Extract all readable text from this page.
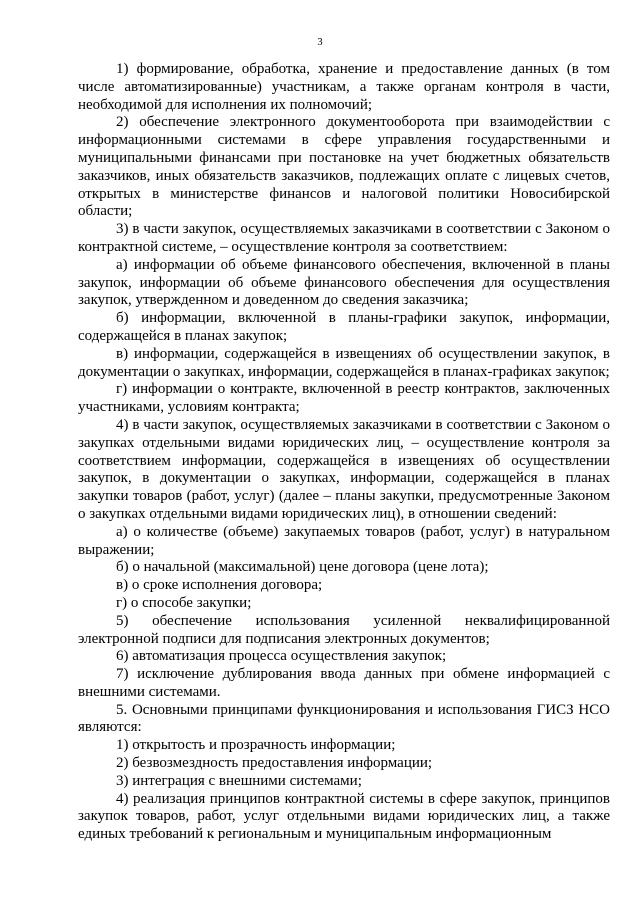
3

1) формирование, обработка, хранение и предоставление данных (в том числе автоматизированные) участникам, а также органам контроля в части, необходимой для исполнения их полномочий;

2) обеспечение электронного документооборота при взаимодействии с информационными системами в сфере управления государственными и муниципальными финансами при постановке на учет бюджетных обязательств заказчиков, иных обязательств заказчиков, подлежащих оплате с лицевых счетов, открытых в министерстве финансов и налоговой политики Новосибирской области;

3) в части закупок, осуществляемых заказчиками в соответствии с Законом о контрактной системе, – осуществление контроля за соответствием:

а) информации об объеме финансового обеспечения, включенной в планы закупок, информации об объеме финансового обеспечения для осуществления закупок, утвержденном и доведенном до сведения заказчика;

б) информации, включенной в планы-графики закупок, информации, содержащейся в планах закупок;

в) информации, содержащейся в извещениях об осуществлении закупок, в документации о закупках, информации, содержащейся в планах-графиках закупок;

г) информации о контракте, включенной в реестр контрактов, заключенных участниками, условиям контракта;

4) в части закупок, осуществляемых заказчиками в соответствии с Законом о закупках отдельными видами юридических лиц, – осуществление контроля за соответствием информации, содержащейся в извещениях об осуществлении закупок, в документации о закупках, информации, содержащейся в планах закупки товаров (работ, услуг) (далее – планы закупки, предусмотренные Законом о закупках отдельными видами юридических лиц), в отношении сведений:

а) о количестве (объеме) закупаемых товаров (работ, услуг) в натуральном выражении;

б) о начальной (максимальной) цене договора (цене лота);

в) о сроке исполнения договора;

г) о способе закупки;

5) обеспечение использования усиленной неквалифицированной электронной подписи для подписания электронных документов;

6) автоматизация процесса осуществления закупок;

7) исключение дублирования ввода данных при обмене информацией с внешними системами.

5. Основными принципами функционирования и использования ГИСЗ НСО являются:

1) открытость и прозрачность информации;

2) безвозмездность предоставления информации;

3) интеграция с внешними системами;

4) реализация принципов контрактной системы в сфере закупок, принципов закупок товаров, работ, услуг отдельными видами юридических лиц, а также единых требований к региональным и муниципальным информационным
